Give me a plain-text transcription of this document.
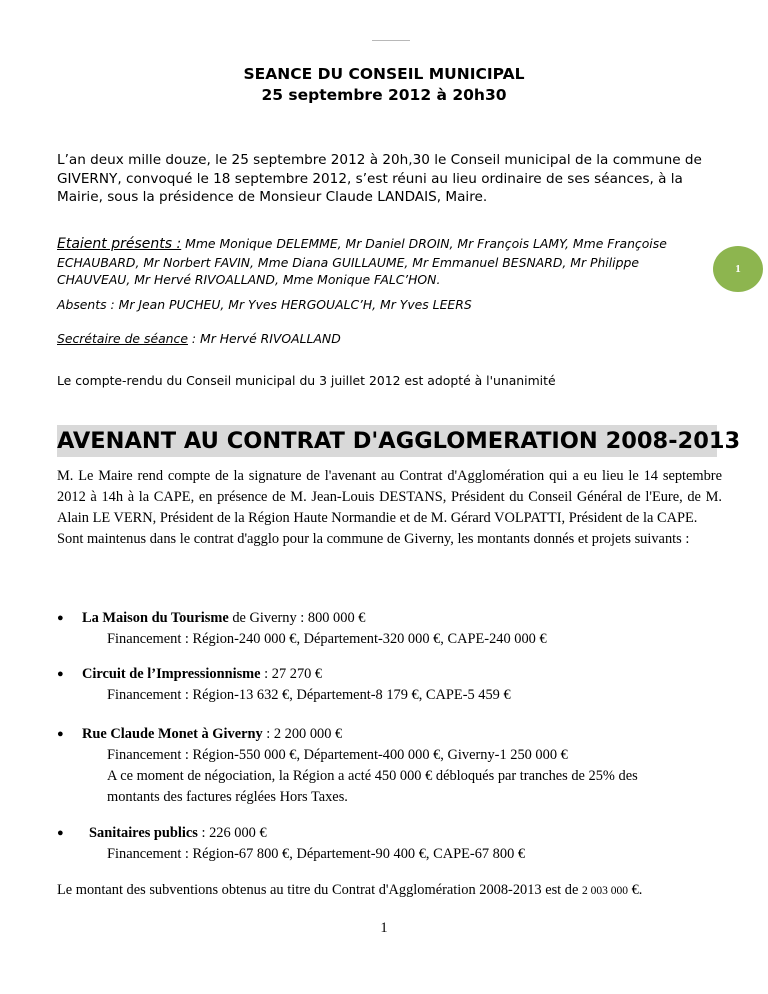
SEANCE DU CONSEIL MUNICIPAL
25 septembre 2012 à 20h30

L’an deux mille douze, le 25 septembre 2012 à 20h,30 le Conseil municipal de la commune de GIVERNY, convoqué le 18 septembre 2012, s’est réuni au lieu ordinaire de ses séances, à la Mairie, sous la présidence de Monsieur Claude LANDAIS, Maire.

Etaient présents : Mme Monique DELEMME, Mr Daniel DROIN, Mr François LAMY, Mme Françoise ECHAUBARD, Mr Norbert FAVIN, Mme Diana GUILLAUME, Mr Emmanuel BESNARD, Mr Philippe CHAUVEAU, Mr Hervé RIVOALLAND, Mme Monique FALC’HON.

1

Absents : Mr Jean PUCHEU, Mr Yves HERGOUALC’H, Mr Yves LEERS

Secrétaire de séance : Mr Hervé RIVOALLAND

Le compte-rendu du Conseil municipal du 3 juillet 2012 est adopté à l'unanimité

AVENANT AU CONTRAT D'AGGLOMERATION 2008-2013
M. Le Maire rend compte de la signature de l'avenant au Contrat d'Agglomération qui a eu lieu le 14 septembre 2012 à 14h à la CAPE, en présence de M. Jean-Louis DESTANS, Président du Conseil Général de l'Eure, de M. Alain LE VERN, Président de la Région Haute Normandie et de M. Gérard VOLPATTI, Président de la CAPE.
Sont maintenus dans le contrat d'agglo pour la commune de Giverny, les montants donnés et projets suivants :
●	La Maison du Tourisme de Giverny : 800 000 €
Financement : Région-240 000 €, Département-320 000 €, CAPE-240 000 €
●	Circuit de l’Impressionnisme : 27 270 €
Financement : Région-13 632 €, Département-8 179 €, CAPE-5 459 €
●	Rue Claude Monet à Giverny : 2 200 000 €
Financement : Région-550 000 €, Département-400 000 €, Giverny-1 250 000 €
A ce moment de négociation, la Région a acté 450 000 € débloqués par tranches de 25% des
montants des factures réglées Hors Taxes.
●	Sanitaires publics : 226 000 €
Financement : Région-67 800 €, Département-90 400 €, CAPE-67 800 €

Le montant des subventions obtenus au titre du Contrat d'Agglomération 2008-2013 est de 2 003 000 €.

1
